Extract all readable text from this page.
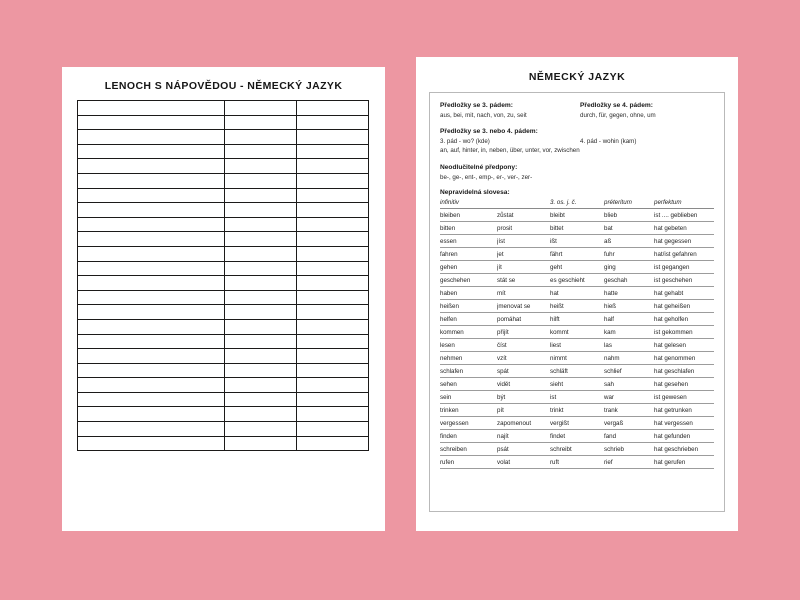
LENOCH S NÁPOVĚDOU - NĚMECKÝ JAZYK

NĚMECKÝ JAZYK
Předložky se 3. pádem:	Předložky se 4. pádem:
aus, bei, mit, nach, von, zu, seit	durch, für, gegen, ohne, um
Předložky se 3. nebo 4. pádem:
3. pád - wo? (kde)	4. pád - wohin (kam)
an, auf, hinter, in, neben, über, unter, vor, zwischen
Neodlučitelné předpony:
be-, ge-, ent-, emp-, er-, ver-, zer-
Nepravidelná slovesa:
infinitiv		3. os. j. č.	préteritum	perfektum
bleiben	zůstat	bleibt	blieb	ist .... geblieben
bitten	prosit	bittet	bat	hat gebeten
essen	jíst	ißt	aß	hat gegessen
fahren	jet	fährt	fuhr	hat/ist gefahren
gehen	jít	geht	ging	ist gegangen
geschehen	stát se	es geschieht	geschah	ist geschehen
haben	mít	hat	hatte	hat gehabt
heißen	jmenovat se	heißt	hieß	hat geheißen
helfen	pomáhat	hilft	half	hat geholfen
kommen	přijít	kommt	kam	ist gekommen
lesen	číst	liest	las	hat gelesen
nehmen	vzít	nimmt	nahm	hat genommen
schlafen	spát	schläft	schlief	hat geschlafen
sehen	vidět	sieht	sah	hat gesehen
sein	být	ist	war	ist gewesen
trinken	pít	trinkt	trank	hat getrunken
vergessen	zapomenout	vergißt	vergaß	hat vergessen
finden	najít	findet	fand	hat gefunden
schreiben	psát	schreibt	schrieb	hat geschrieben
rufen	volat	ruft	rief	hat gerufen
